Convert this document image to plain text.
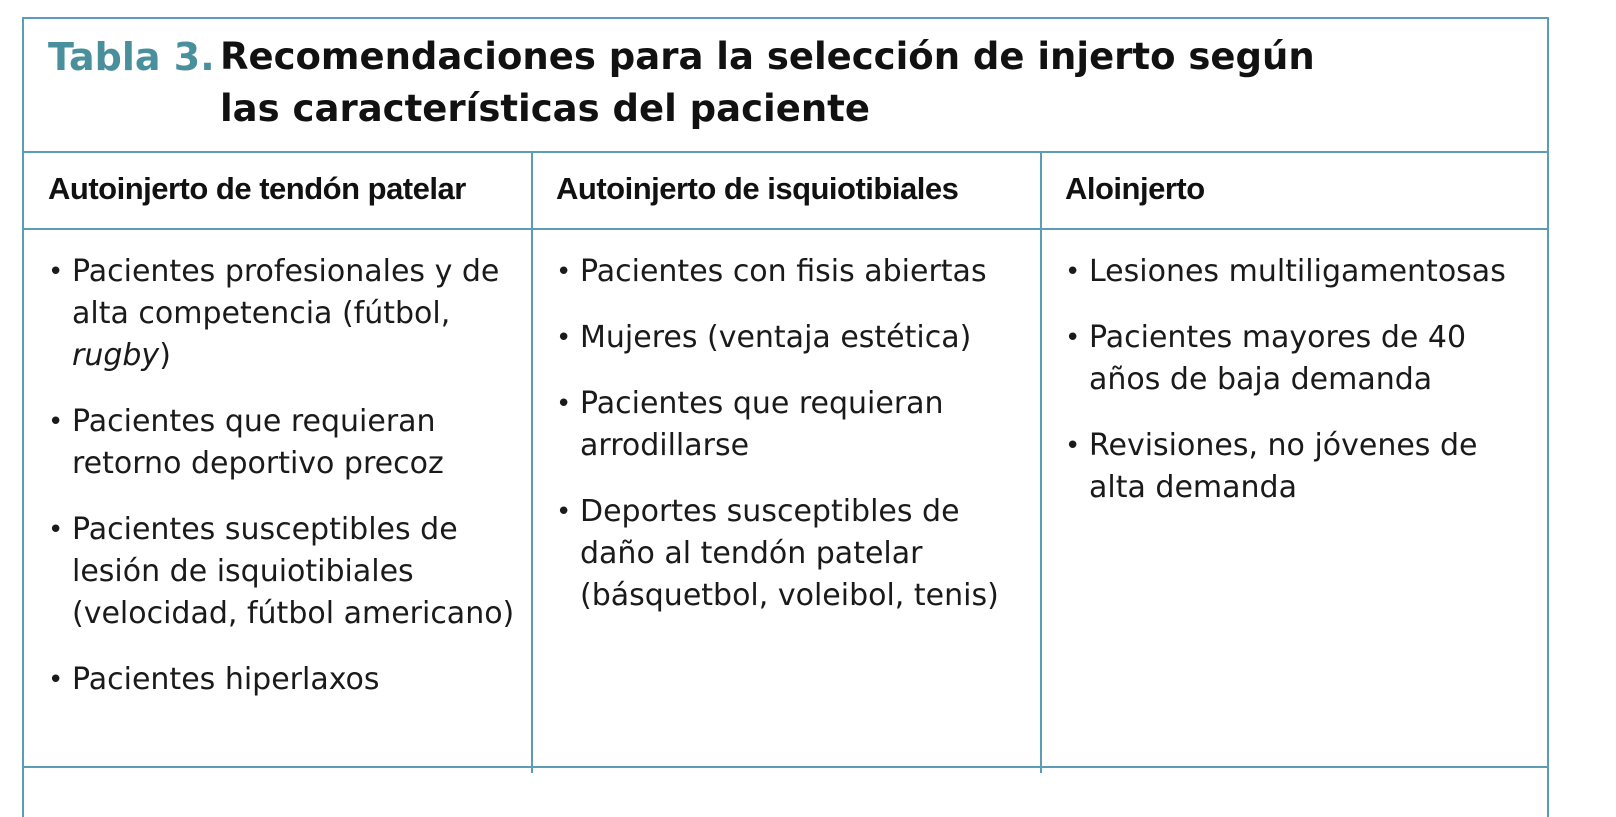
Tabla 3. Recomendaciones para la selección de injerto según las características del paciente
Autoinjerto de tendón patelar	Autoinjerto de isquiotibiales	Aloinjerto
• Pacientes profesionales y de alta competencia (fútbol, rugby)
• Pacientes que requieran retorno deportivo precoz
• Pacientes susceptibles de lesión de isquiotibiales (velocidad, fútbol americano)
• Pacientes hiperlaxos
• Pacientes con fisis abiertas
• Mujeres (ventaja estética)
• Pacientes que requieran arrodillarse
• Deportes susceptibles de daño al tendón patelar (básquetbol, voleibol, tenis)
• Lesiones multiligamentosas
• Pacientes mayores de 40 años de baja demanda
• Revisiones, no jóvenes de alta demanda
